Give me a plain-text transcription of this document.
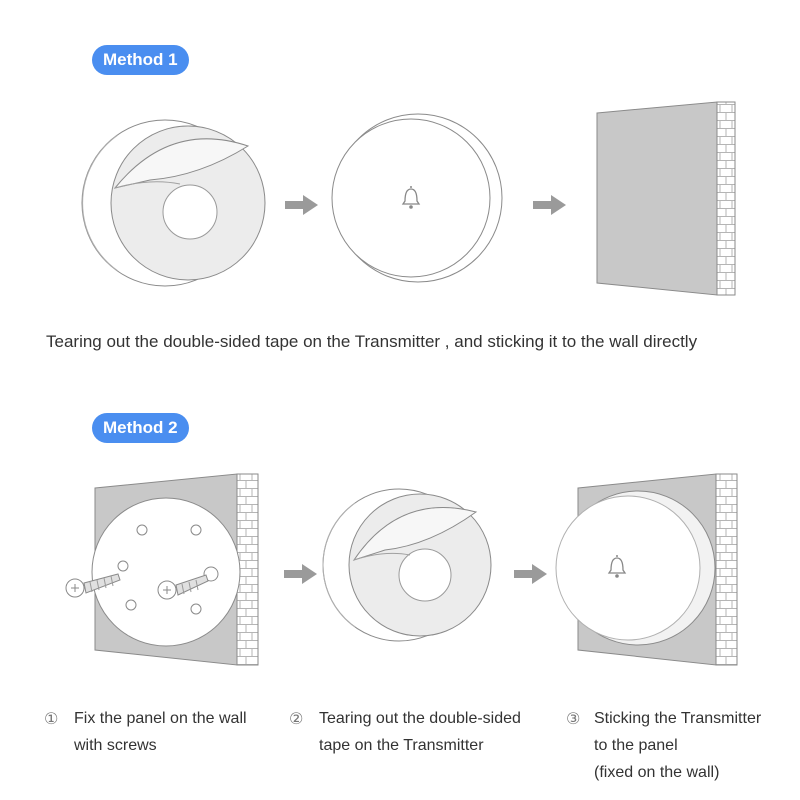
Method 1
Method 2
Tearing out the double-sided tape on the Transmitter , and sticking it to the wall directly
① Fix the panel on the wall
with screws
② Tearing out the double-sided
tape on the Transmitter
③ Sticking the Transmitter
to the panel
(fixed on the wall)
